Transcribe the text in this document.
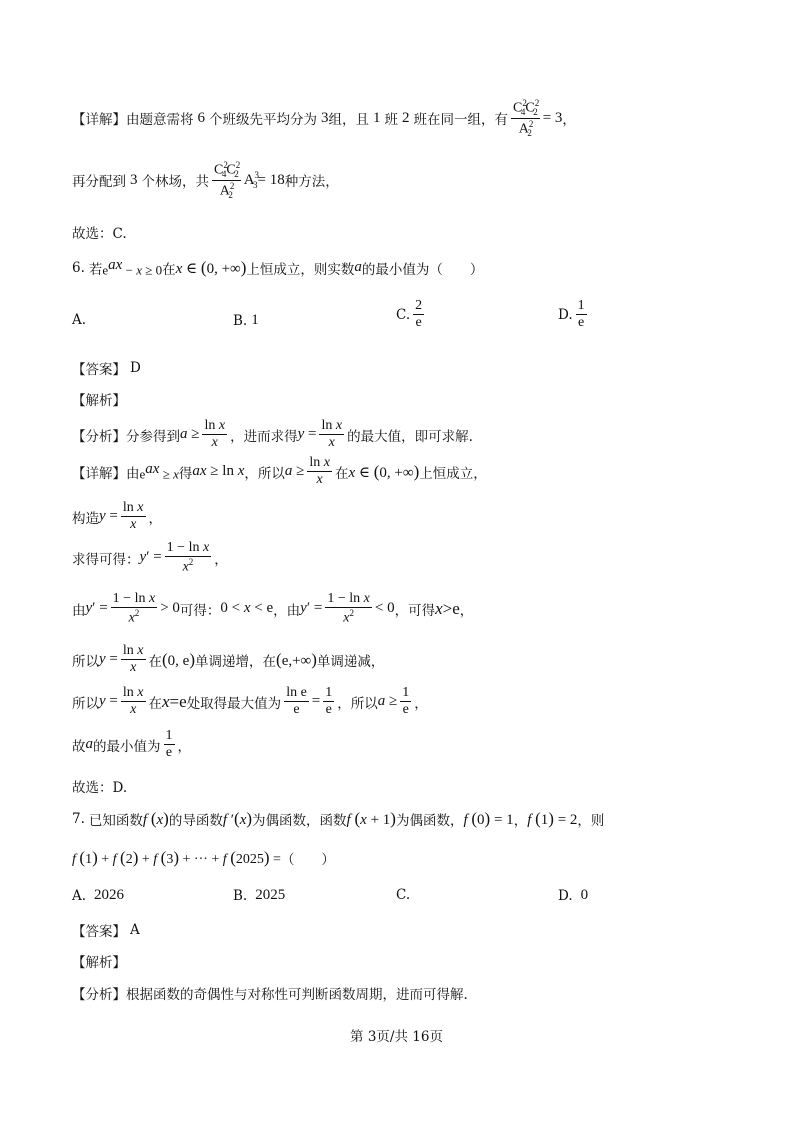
【详解】 由题意需将 6 个班级先平均分为 3 组，且 1 班 2 班在同一组，有 $\frac{C^2_4C^2_2}{A^2_2} = 3$ ，
再分配到 3 个林场，共 $\frac{C^2_4C^2_2}{A^2_2} A^3_3 = 18$ 种方法，
故选：C.
6. 若 $e^{ax} - x \ge 0$ 在 x ∈ (0, +∞) 上恒成立，则实数 a 的最小值为（　　）
A.	B. 1	C. $\frac{2}{e}$	D. $\frac{1}{e}$
【答案】 D
【解析】
【分析】 分参得到 $a \ge \frac{\text{ln x}}{x}$ ，进而求得 $y = \frac{\text{ln x}}{x}$ 的最大值，即可求解.
【详解】 由 $e^{ax} \ge x$ 得 ax ≥ ln x ，所以 $a \ge \frac{\text{ln x}}{x}$ 在 x ∈ (0, +∞) 上恒成立，
构造 $y = \frac{\text{ln x}}{x}$ ，
求得可得： y ′ = $\frac{\text{1 − ln x}}{x^2}$ ，
由 y ′ = $\frac{\text{1 − ln x}}{x^2} > 0$ 可得： 0 < x < e ，由 y ′ = $\frac{\text{1 − ln x}}{x^2} < 0$ ，可得 x>e ，
所以 $y = \frac{\text{ln x}}{x}$ 在 (0, e) 单调递增，在 (e,+∞) 单调递减，
所以 $y = \frac{\text{ln x}}{x}$ 在 x=e 处取得最大值为 $\frac{\text{ln e}}{e} = \frac{1}{e}$ ，所以 $a \ge \frac{1}{e}$ ，
故 a 的最小值为 $\frac{1}{e}$ ，
故选：D.
7. 已知函数 f (x) 的导函数 f ′(x) 为偶函数，函数 f (x + 1) 为偶函数， f (0) = 1 ， f (1) = 2 ，则
f (1) + f (2) + f (3) + ··· + f (2025) = （　　）
A. 2026	B. 2025	C.	D. 0
【答案】 A
【解析】
【分析】 根据函数的奇偶性与对称性可判断函数周期，进而可得解.
第 3页/共 16页
